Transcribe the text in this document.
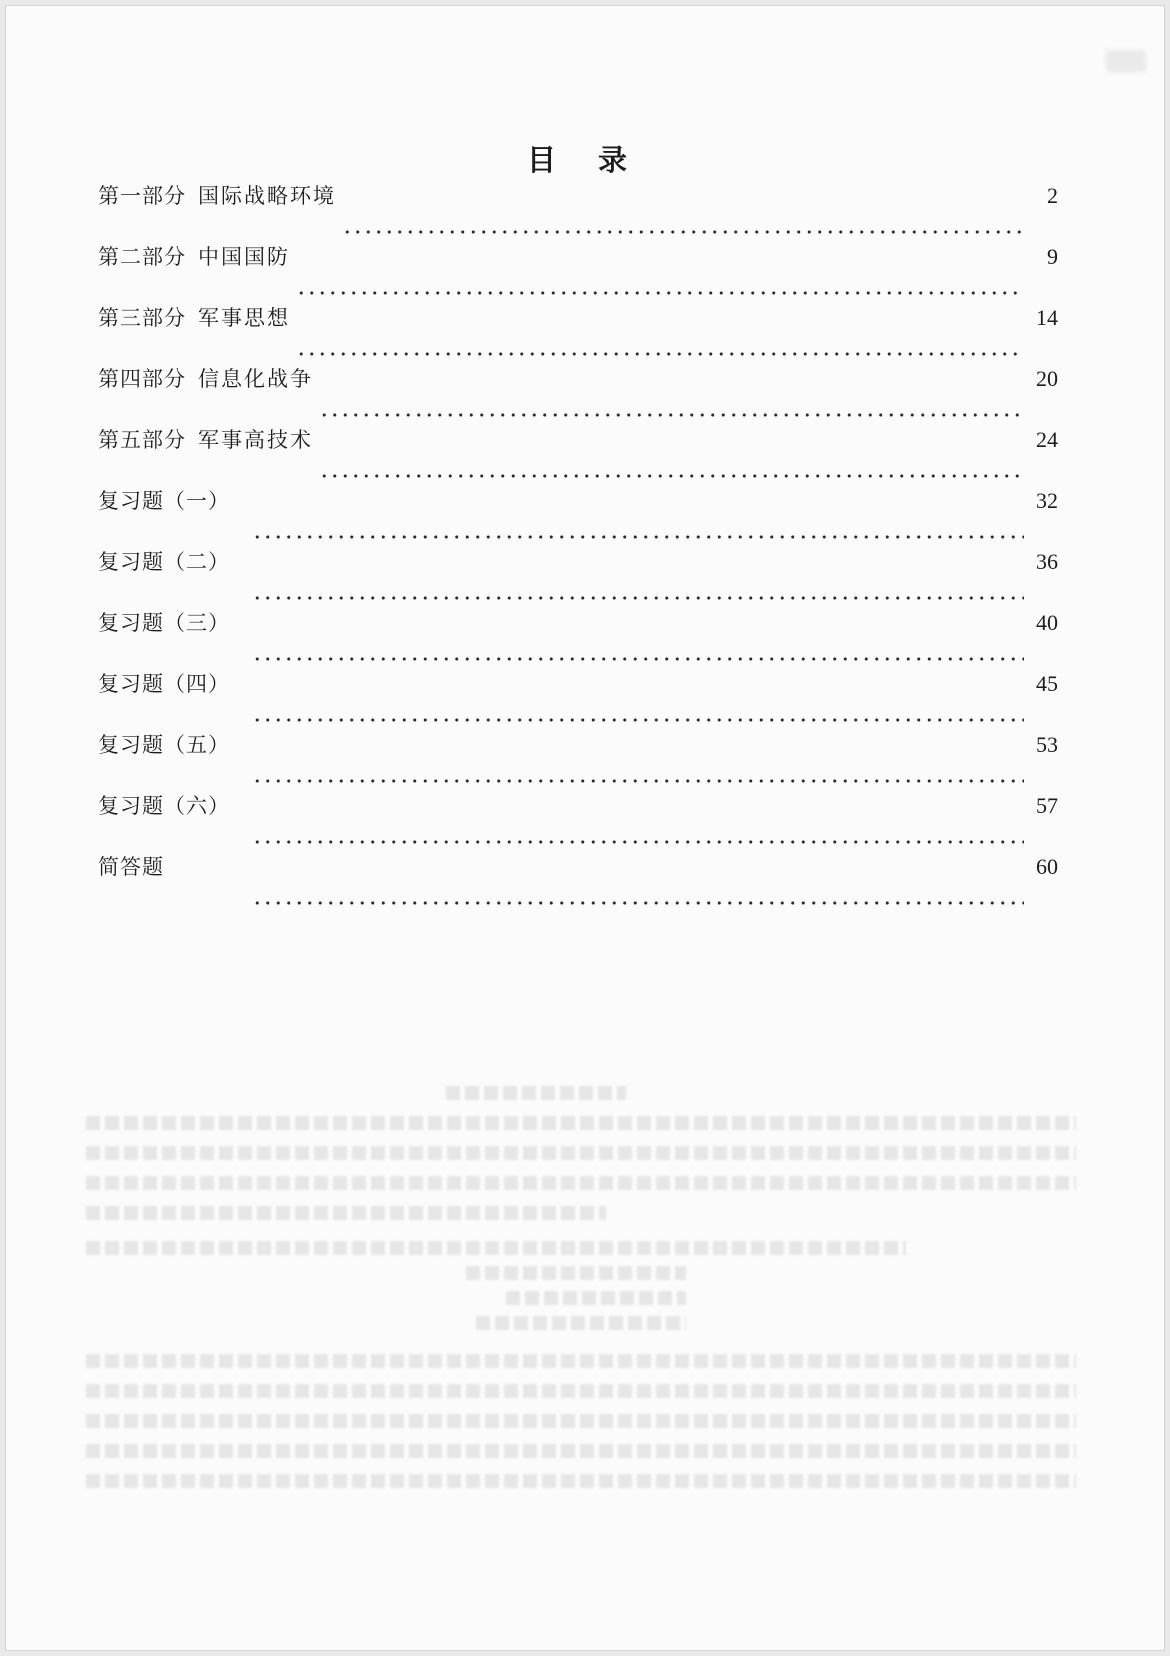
目 录
第一部分 国际战略环境	2
第二部分 中国国防	9
第三部分 军事思想	14
第四部分 信息化战争	20
第五部分 军事高技术	24
复习题（一）	32
复习题（二）	36
复习题（三）	40
复习题（四）	45
复习题（五）	53
复习题（六）	57
简答题	60
